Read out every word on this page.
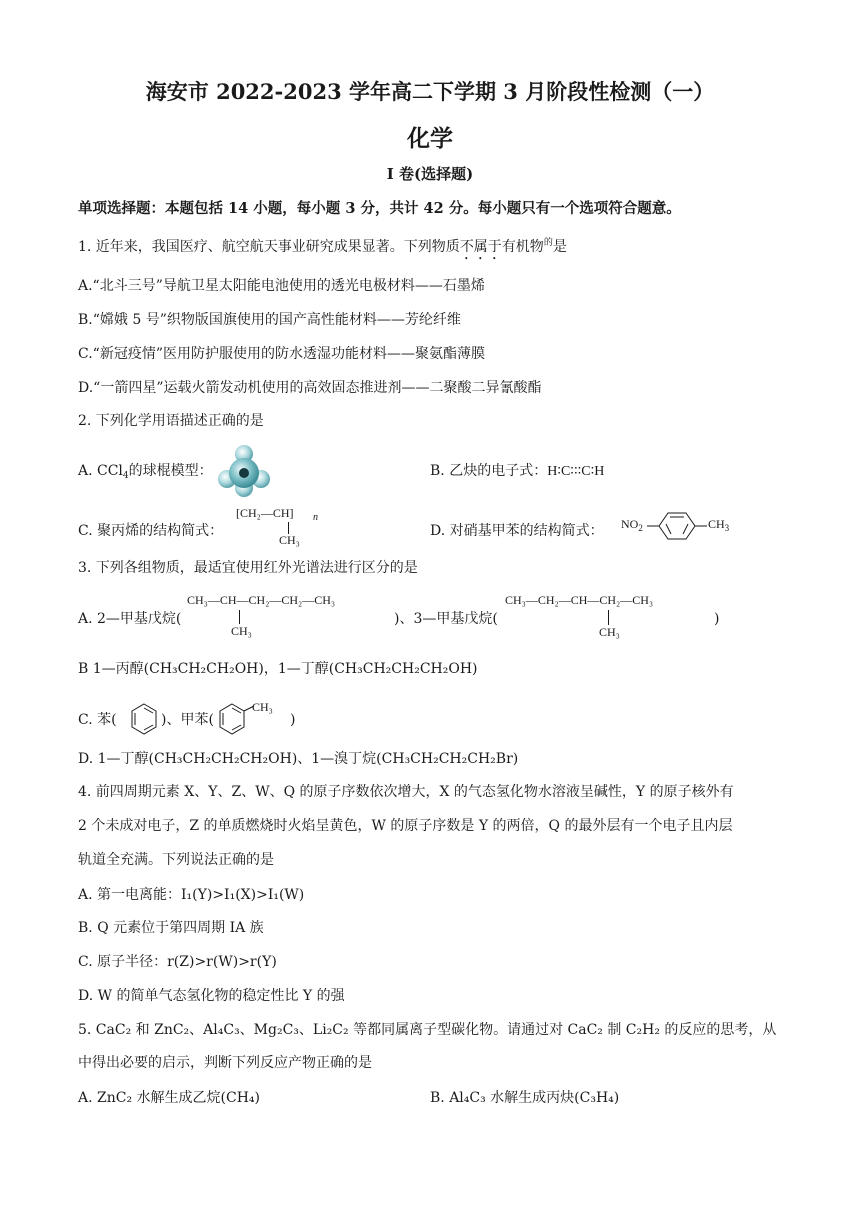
海安市 2022-2023 学年高二下学期 3 月阶段性检测（一）
化学
I 卷(选择题)
单项选择题：本题包括 14 小题，每小题 3 分，共计 42 分。每小题只有一个选项符合题意。
1. 近年来，我国医疗、航空航天事业研究成果显著。下列物质不属于有机物$^的$是
A.“北斗三号”导航卫星太阳能电池使用的透光电极材料——石墨烯
B.“嫦娥 5 号”织物版国旗使用的国产高性能材料——芳纶纤维
C.“新冠疫情”医用防护服使用的防水透湿功能材料——聚氨酯薄膜
D.“一箭四星”运载火箭发动机使用的高效固态推进剂——二聚酸二异氰酸酯
2. 下列化学用语描述正确的是
A. CCl$_4$的球棍模型：	B. 乙炔的电子式：H∶C∶∶∶C∶H
C. 聚丙烯的结构简式：
[CH₂—CH] n
CH₃
D. 对硝基甲苯的结构简式： $NO_2$	$CH_3$
3. 下列各组物质，最适宜使用红外光谱法进行区分的是
A. 2—甲基戊烷(
CH₃—CH—CH₂—CH₂—CH₃
CH₃
)、3—甲基戊烷(
CH₃—CH₂—CH—CH₂—CH₃
CH₃
)
B 1—丙醇(CH₃CH₂CH₂OH)，1—丁醇(CH₃CH₂CH₂CH₂OH)
C. 苯(	)、甲苯(
CH₃
)
D. 1—丁醇(CH₃CH₂CH₂CH₂OH)、1—溴丁烷(CH₃CH₂CH₂CH₂Br)
4. 前四周期元素 X、Y、Z、W、Q 的原子序数依次增大，X 的气态氢化物水溶液呈碱性，Y 的原子核外有
2 个未成对电子，Z 的单质燃烧时火焰呈黄色，W 的原子序数是 Y 的两倍，Q 的最外层有一个电子且内层
轨道全充满。下列说法正确的是
A. 第一电离能：I₁(Y)>I₁(X)>I₁(W)
B. Q 元素位于第四周期 IA 族
C. 原子半径：r(Z)>r(W)>r(Y)
D. W 的简单气态氢化物的稳定性比 Y 的强
5. CaC₂ 和 ZnC₂、Al₄C₃、Mg₂C₃、Li₂C₂ 等都同属离子型碳化物。请通过对 CaC₂ 制 C₂H₂ 的反应的思考，从
中得出必要的启示，判断下列反应产物正确的是
A. ZnC₂ 水解生成乙烷(CH₄)	B. Al₄C₃ 水解生成丙炔(C₃H₄)
